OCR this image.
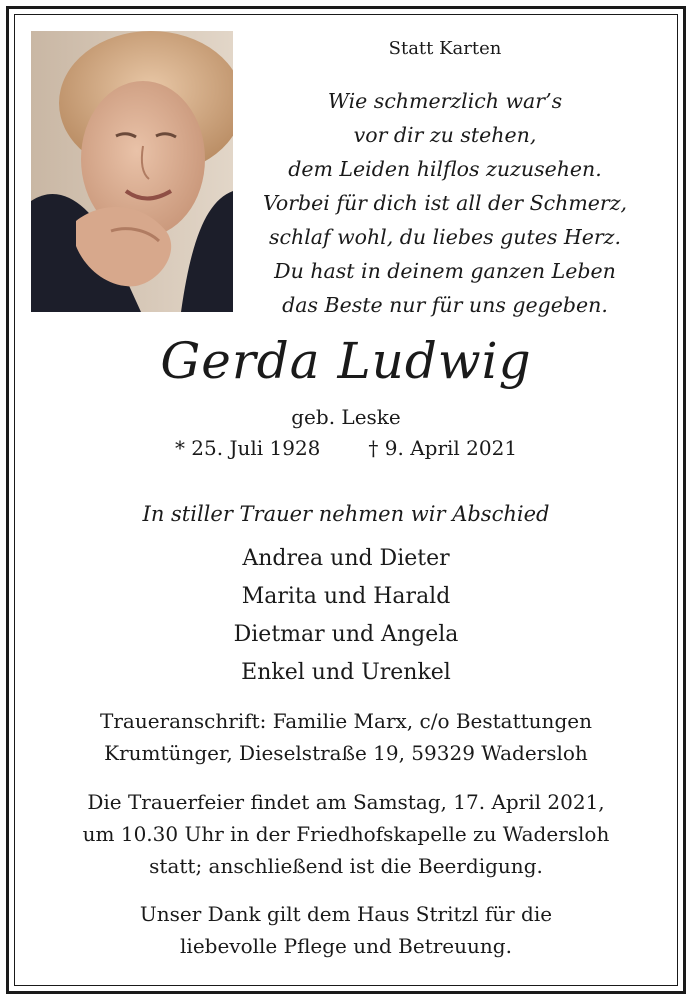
Statt Karten
Wie schmerzlich war’s
vor dir zu stehen,
dem Leiden hilflos zuzusehen.
Vorbei für dich ist all der Schmerz,
schlaf wohl, du liebes gutes Herz.
Du hast in deinem ganzen Leben
das Beste nur für uns gegeben.
Gerda Ludwig
geb. Leske
* 25. Juli 1928 † 9. April 2021
In stiller Trauer nehmen wir Abschied
Andrea und Dieter
Marita und Harald
Dietmar und Angela
Enkel und Urenkel
Traueranschrift: Familie Marx, c/o Bestattungen
Krumtünger, Dieselstraße 19, 59329 Wadersloh
Die Trauerfeier findet am Samstag, 17. April 2021,
um 10.30 Uhr in der Friedhofskapelle zu Wadersloh
statt; anschließend ist die Beerdigung.
Unser Dank gilt dem Haus Stritzl für die
liebevolle Pflege und Betreuung.
